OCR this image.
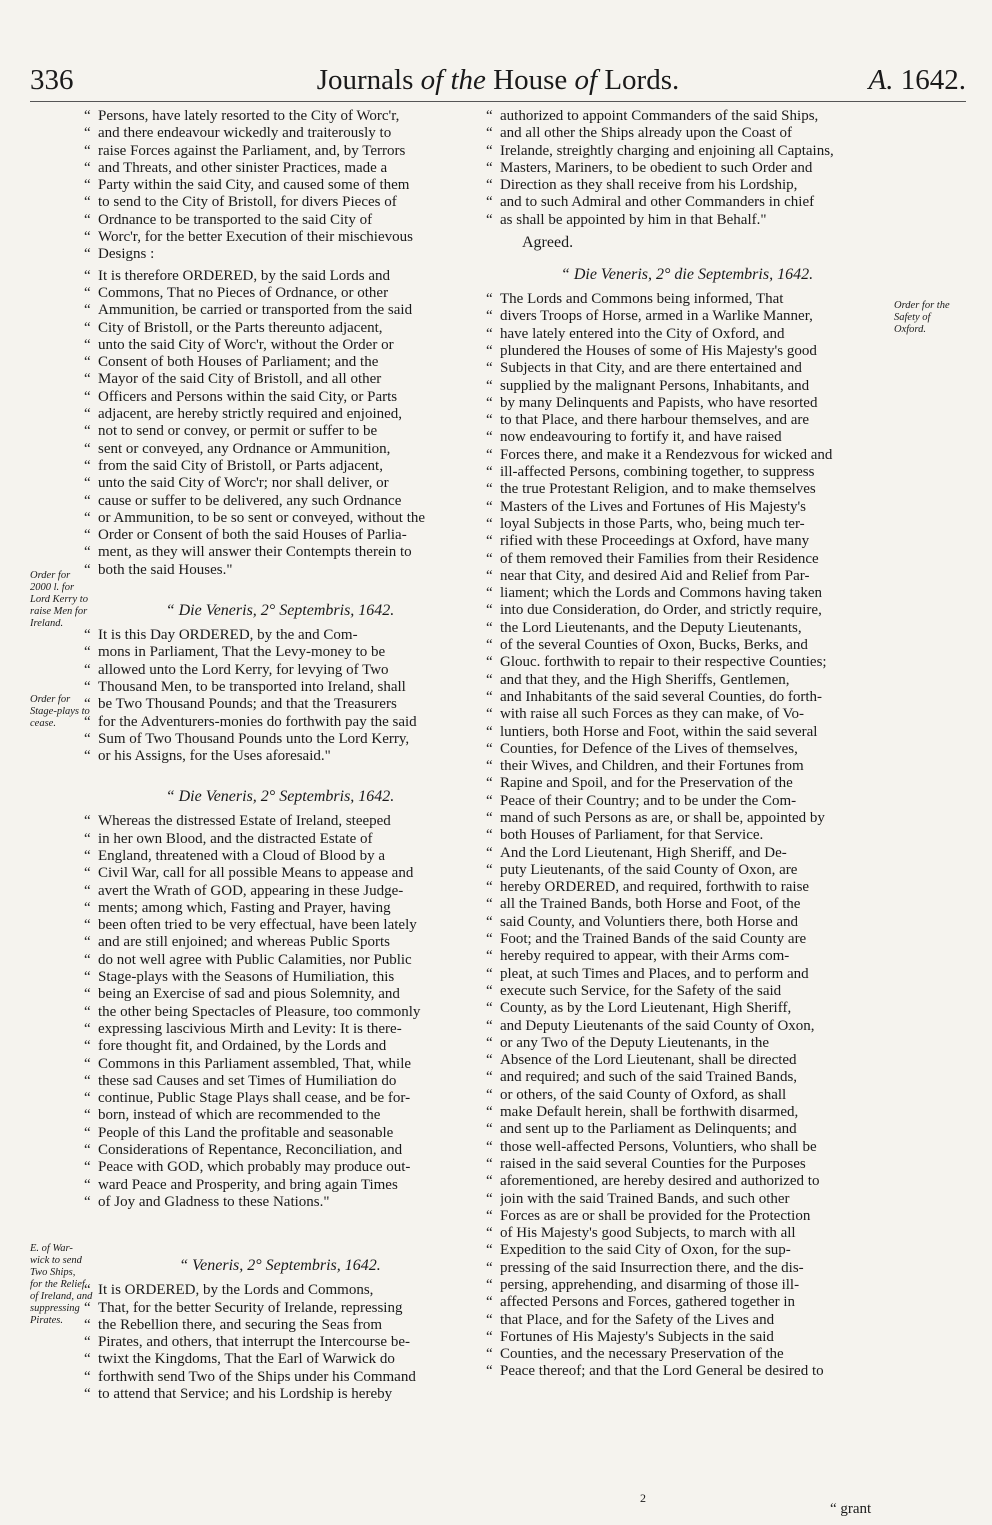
336	Journals of the House of Lords.	A. 1642.
“ Persons, have lately resorted to the City of Worc'r,
“ and there endeavour wickedly and traiterously to
“ raise Forces against the Parliament, and, by Terrors
“ and Threats, and other sinister Practices, made a
“ Party within the said City, and caused some of them
“ to send to the City of Bristoll, for divers Pieces of
“ Ordnance to be transported to the said City of
“ Worc'r, for the better Execution of their mischievous
“ Designs :
“ It is therefore ORDERED, by the said Lords and
“ Commons, That no Pieces of Ordnance, or other
“ Ammunition, be carried or transported from the said
“ City of Bristoll, or the Parts thereunto adjacent,
“ unto the said City of Worc'r, without the Order or
“ Consent of both Houses of Parliament; and the
“ Mayor of the said City of Bristoll, and all other
“ Officers and Persons within the said City, or Parts
“ adjacent, are hereby strictly required and enjoined,
“ not to send or convey, or permit or suffer to be
“ sent or conveyed, any Ordnance or Ammunition,
“ from the said City of Bristoll, or Parts adjacent,
“ unto the said City of Worc'r; nor shall deliver, or
“ cause or suffer to be delivered, any such Ordnance
“ or Ammunition, to be so sent or conveyed, without the
“ Order or Consent of both the said Houses of Parlia-
“ ment, as they will answer their Contempts therein to
“ both the said Houses."

“ Die Veneris, 2° Septembris, 1642.

“ It is this Day ORDERED, by the and Com-
“ mons in Parliament, That the Levy-money to be
“ allowed unto the Lord Kerry, for levying of Two
“ Thousand Men, to be transported into Ireland, shall
“ be Two Thousand Pounds; and that the Treasurers
“ for the Adventurers-monies do forthwith pay the said
“ Sum of Two Thousand Pounds unto the Lord Kerry,
“ or his Assigns, for the Uses aforesaid."

“ Die Veneris, 2° Septembris, 1642.

“ Whereas the distressed Estate of Ireland, steeped
“ in her own Blood, and the distracted Estate of
“ England, threatened with a Cloud of Blood by a
“ Civil War, call for all possible Means to appease and
“ avert the Wrath of GOD, appearing in these Judge-
“ ments; among which, Fasting and Prayer, having
“ been often tried to be very effectual, have been lately
“ and are still enjoined; and whereas Public Sports
“ do not well agree with Public Calamities, nor Public
“ Stage-plays with the Seasons of Humiliation, this
“ being an Exercise of sad and pious Solemnity, and
“ the other being Spectacles of Pleasure, too commonly
“ expressing lascivious Mirth and Levity: It is there-
“ fore thought fit, and Ordained, by the Lords and
“ Commons in this Parliament assembled, That, while
“ these sad Causes and set Times of Humiliation do
“ continue, Public Stage Plays shall cease, and be for-
“ born, instead of which are recommended to the
“ People of this Land the profitable and seasonable
“ Considerations of Repentance, Reconciliation, and
“ Peace with GOD, which probably may produce out-
“ ward Peace and Prosperity, and bring again Times
“ of Joy and Gladness to these Nations."

“ Veneris, 2° Septembris, 1642.

“ It is ORDERED, by the Lords and Commons,
“ That, for the better Security of Irelande, repressing
“ the Rebellion there, and securing the Seas from
“ Pirates, and others, that interrupt the Intercourse be-
“ twixt the Kingdoms, That the Earl of Warwick do
“ forthwith send Two of the Ships under his Command
“ to attend that Service; and his Lordship is hereby
“ authorized to appoint Commanders of the said Ships,
“ and all other the Ships already upon the Coast of
“ Irelande, streightly charging and enjoining all Captains,
“ Masters, Mariners, to be obedient to such Order and
“ Direction as they shall receive from his Lordship,
“ and to such Admiral and other Commanders in chief
“ as shall be appointed by him in that Behalf."

Agreed.

“ Die Veneris, 2° die Septembris, 1642.

“ The Lords and Commons being informed, That
“ divers Troops of Horse, armed in a Warlike Manner,
“ have lately entered into the City of Oxford, and
“ plundered the Houses of some of His Majesty's good
“ Subjects in that City, and are there entertained and
“ supplied by the malignant Persons, Inhabitants, and
“ by many Delinquents and Papists, who have resorted
“ to that Place, and there harbour themselves, and are
“ now endeavouring to fortify it, and have raised
“ Forces there, and make it a Rendezvous for wicked and
“ ill-affected Persons, combining together, to suppress
“ the true Protestant Religion, and to make themselves
“ Masters of the Lives and Fortunes of His Majesty's
“ loyal Subjects in those Parts, who, being much ter-
“ rified with these Proceedings at Oxford, have many
“ of them removed their Families from their Residence
“ near that City, and desired Aid and Relief from Par-
“ liament; which the Lords and Commons having taken
“ into due Consideration, do Order, and strictly require,
“ the Lord Lieutenants, and the Deputy Lieutenants,
“ of the several Counties of Oxon, Bucks, Berks, and
“ Glouc. forthwith to repair to their respective Counties;
“ and that they, and the High Sheriffs, Gentlemen,
“ and Inhabitants of the said several Counties, do forth-
“ with raise all such Forces as they can make, of Vo-
“ luntiers, both Horse and Foot, within the said several
“ Counties, for Defence of the Lives of themselves,
“ their Wives, and Children, and their Fortunes from
“ Rapine and Spoil, and for the Preservation of the
“ Peace of their Country; and to be under the Com-
“ mand of such Persons as are, or shall be, appointed by
“ both Houses of Parliament, for that Service.
“ And the Lord Lieutenant, High Sheriff, and De-
“ puty Lieutenants, of the said County of Oxon, are
“ hereby ORDERED, and required, forthwith to raise
“ all the Trained Bands, both Horse and Foot, of the
“ said County, and Voluntiers there, both Horse and
“ Foot; and the Trained Bands of the said County are
“ hereby required to appear, with their Arms com-
“ pleat, at such Times and Places, and to perform and
“ execute such Service, for the Safety of the said
“ County, as by the Lord Lieutenant, High Sheriff,
“ and Deputy Lieutenants of the said County of Oxon,
“ or any Two of the Deputy Lieutenants, in the
“ Absence of the Lord Lieutenant, shall be directed
“ and required; and such of the said Trained Bands,
“ or others, of the said County of Oxford, as shall
“ make Default herein, shall be forthwith disarmed,
“ and sent up to the Parliament as Delinquents; and
“ those well-affected Persons, Voluntiers, who shall be
“ raised in the said several Counties for the Purposes
“ aforementioned, are hereby desired and authorized to
“ join with the said Trained Bands, and such other
“ Forces as are or shall be provided for the Protection
“ of His Majesty's good Subjects, to march with all
“ Expedition to the said City of Oxon, for the sup-
“ pressing of the said Insurrection there, and the dis-
“ persing, apprehending, and disarming of those ill-
“ affected Persons and Forces, gathered together in
“ that Place, and for the Safety of the Lives and
“ Fortunes of His Majesty's Subjects in the said
“ Counties, and the necessary Preservation of the
“ Peace thereof; and that the Lord General be desired to
Order for
2000 l. for
Lord Kerry to
raise Men for
Ireland.
Order for
Stage-plays to
cease.
E. of War-
wick to send
Two Ships,
for the Relief
of Ireland, and
suppressing
Pirates.
Order for the
Safety of
Oxford.
2
“ grant
